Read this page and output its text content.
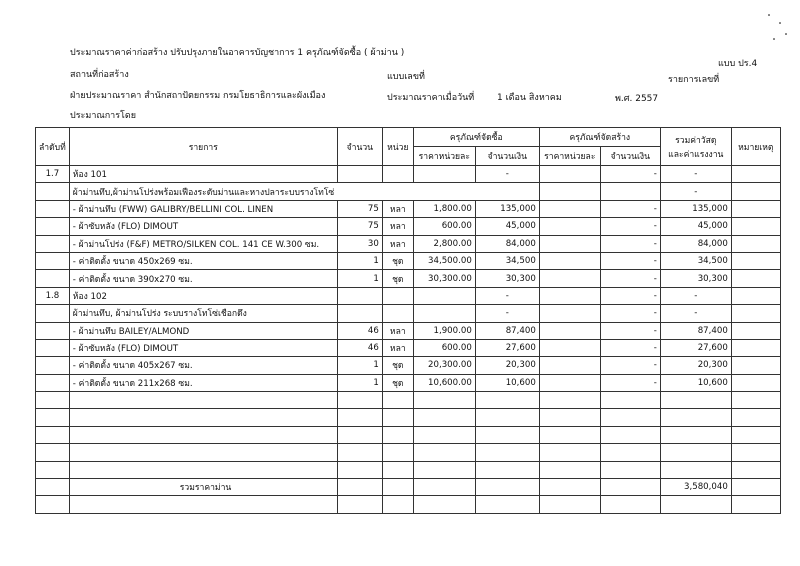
ประมาณราคาค่าก่อสร้าง ปรับปรุงภายในอาคารบัญชาการ 1 ครุภัณฑ์จัดซื้อ ( ผ้าม่าน )
แบบ ปร.4
สถานที่ก่อสร้าง	แบบเลขที่	รายการเลขที่
ฝ่ายประมาณราคา สำนักสถาปัตยกรรม กรมโยธาธิการและผังเมือง	ประมาณราคาเมื่อวันที่	1 เดือน สิงหาคม	พ.ศ. 2557
ประมาณการโดย
ลำดับที่	รายการ	จำนวน	หน่วย	ครุภัณฑ์จัดซื้อ		ครุภัณฑ์จัดสร้าง		รวมค่าวัสดุ
และค่าแรงงาน	หมายเหตุ
				ราคาหน่วยละ	จำนวนเงิน	ราคาหน่วยละ	จำนวนเงิน		
1.7	ห้อง 101				-		-	-	
	ผ้าม่านทึบ,ผ้าม่านโปร่งพร้อมเฟืองระดับม่านและหางปลาระบบรางโทโซ่							-	
	- ผ้าม่านทึบ (FWW) GALIBRY/BELLINI COL. LINEN	75	หลา	1,800.00	135,000		-	135,000	
	- ผ้าซับหลัง (FLO) DIMOUT	75	หลา	600.00	45,000		-	45,000	
	- ผ้าม่านโปร่ง (F&F) METRO/SILKEN COL. 141 CE W.300 ซม.	30	หลา	2,800.00	84,000		-	84,000	
	- ค่าติดตั้ง ขนาด 450x269 ซม.	1	ชุด	34,500.00	34,500		-	34,500	
	- ค่าติดตั้ง ขนาด 390x270 ซม.	1	ชุด	30,300.00	30,300		-	30,300	
1.8	ห้อง 102				-		-	-	
	ผ้าม่านทึบ, ผ้าม่านโปร่ง ระบบรางโทโซ่เชือกดึง				-		-	-	
	- ผ้าม่านทึบ BAILEY/ALMOND	46	หลา	1,900.00	87,400		-	87,400	
	- ผ้าซับหลัง (FLO) DIMOUT	46	หลา	600.00	27,600		-	27,600	
	- ค่าติดตั้ง ขนาด 405x267 ซม.	1	ชุด	20,300.00	20,300		-	20,300	
	- ค่าติดตั้ง ขนาด 211x268 ซม.	1	ชุด	10,600.00	10,600		-	10,600	

	รวมราคาม่าน							3,580,040	
